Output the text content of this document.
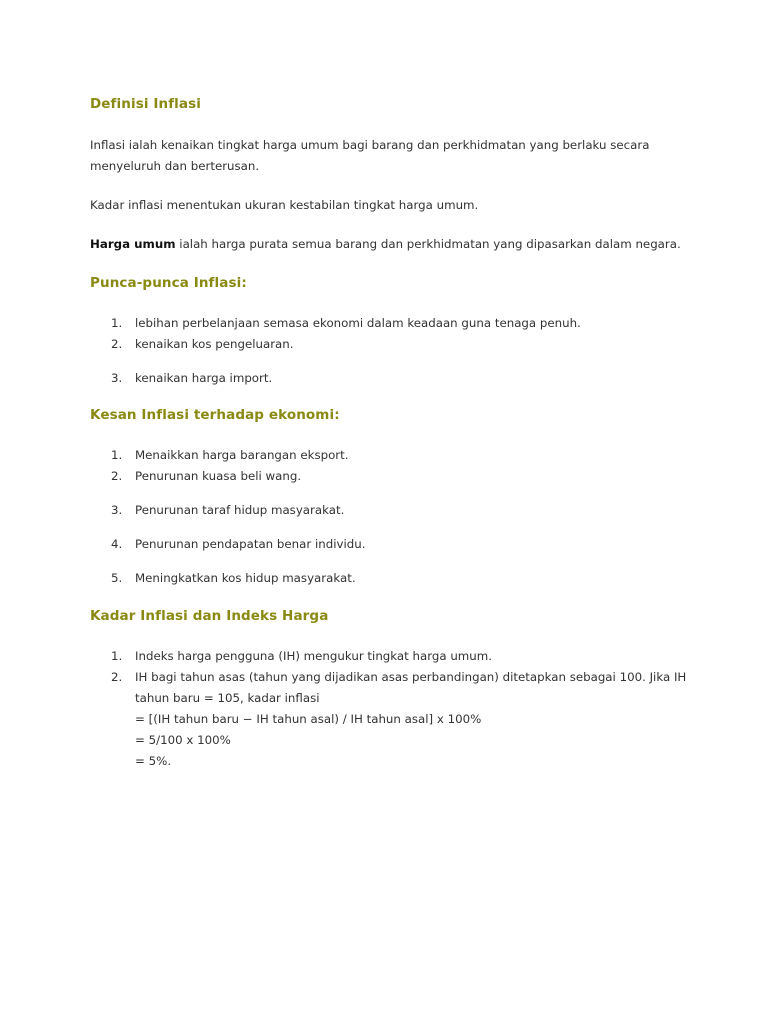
Definisi Inflasi

Inflasi ialah kenaikan tingkat harga umum bagi barang dan perkhidmatan yang berlaku secara
menyeluruh dan berterusan.

Kadar inflasi menentukan ukuran kestabilan tingkat harga umum.

Harga umum ialah harga purata semua barang dan perkhidmatan yang dipasarkan dalam negara.

Punca-punca Inflasi:
1. lebihan perbelanjaan semasa ekonomi dalam keadaan guna tenaga penuh.
2. kenaikan kos pengeluaran.
3. kenaikan harga import.
Kesan Inflasi terhadap ekonomi:
1. Menaikkan harga barangan eksport.
2. Penurunan kuasa beli wang.
3. Penurunan taraf hidup masyarakat.
4. Penurunan pendapatan benar individu.
5. Meningkatkan kos hidup masyarakat.
Kadar Inflasi dan Indeks Harga
1. Indeks harga pengguna (IH) mengukur tingkat harga umum.
2. IH bagi tahun asas (tahun yang dijadikan asas perbandingan) ditetapkan sebagai 100. Jika IH
tahun baru = 105, kadar inflasi
= [(IH tahun baru − IH tahun asal) / IH tahun asal] x 100%
= 5/100 x 100%
= 5%.
